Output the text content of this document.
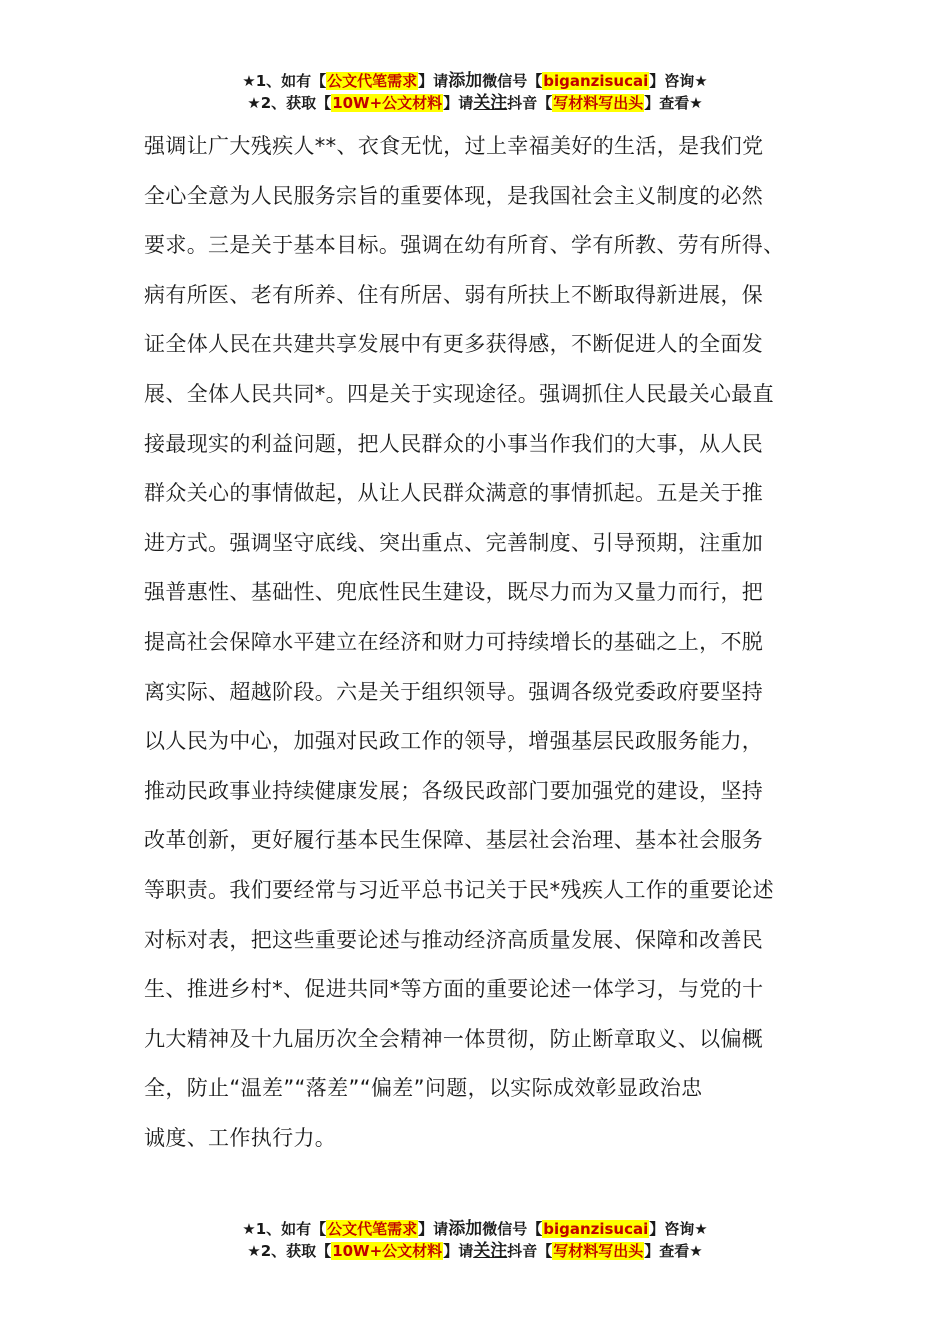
★1、如有【公文代笔需求】请添加微信号【biganzisucai】咨询★
★2、获取【10W+公文材料】请关注抖音【写材料写出头】查看★
强调让广大残疾人**、衣食无忧，过上幸福美好的生活，是我们党
全心全意为人民服务宗旨的重要体现，是我国社会主义制度的必然
要求。三是关于基本目标。强调在幼有所育、学有所教、劳有所得、
病有所医、老有所养、住有所居、弱有所扶上不断取得新进展，保
证全体人民在共建共享发展中有更多获得感，不断促进人的全面发
展、全体人民共同*。四是关于实现途径。强调抓住人民最关心最直
接最现实的利益问题，把人民群众的小事当作我们的大事，从人民
群众关心的事情做起，从让人民群众满意的事情抓起。五是关于推
进方式。强调坚守底线、突出重点、完善制度、引导预期，注重加
强普惠性、基础性、兜底性民生建设，既尽力而为又量力而行，把
提高社会保障水平建立在经济和财力可持续增长的基础之上，不脱
离实际、超越阶段。六是关于组织领导。强调各级党委政府要坚持
以人民为中心，加强对民政工作的领导，增强基层民政服务能力，
推动民政事业持续健康发展；各级民政部门要加强党的建设，坚持
改革创新，更好履行基本民生保障、基层社会治理、基本社会服务
等职责。我们要经常与习近平总书记关于民*残疾人工作的重要论述
对标对表，把这些重要论述与推动经济高质量发展、保障和改善民
生、推进乡村*、促进共同*等方面的重要论述一体学习，与党的十
九大精神及十九届历次全会精神一体贯彻，防止断章取义、以偏概
全，防止“温差”“落差”“偏差”问题，以实际成效彰显政治忠
诚度、工作执行力。
★1、如有【公文代笔需求】请添加微信号【biganzisucai】咨询★
★2、获取【10W+公文材料】请关注抖音【写材料写出头】查看★
